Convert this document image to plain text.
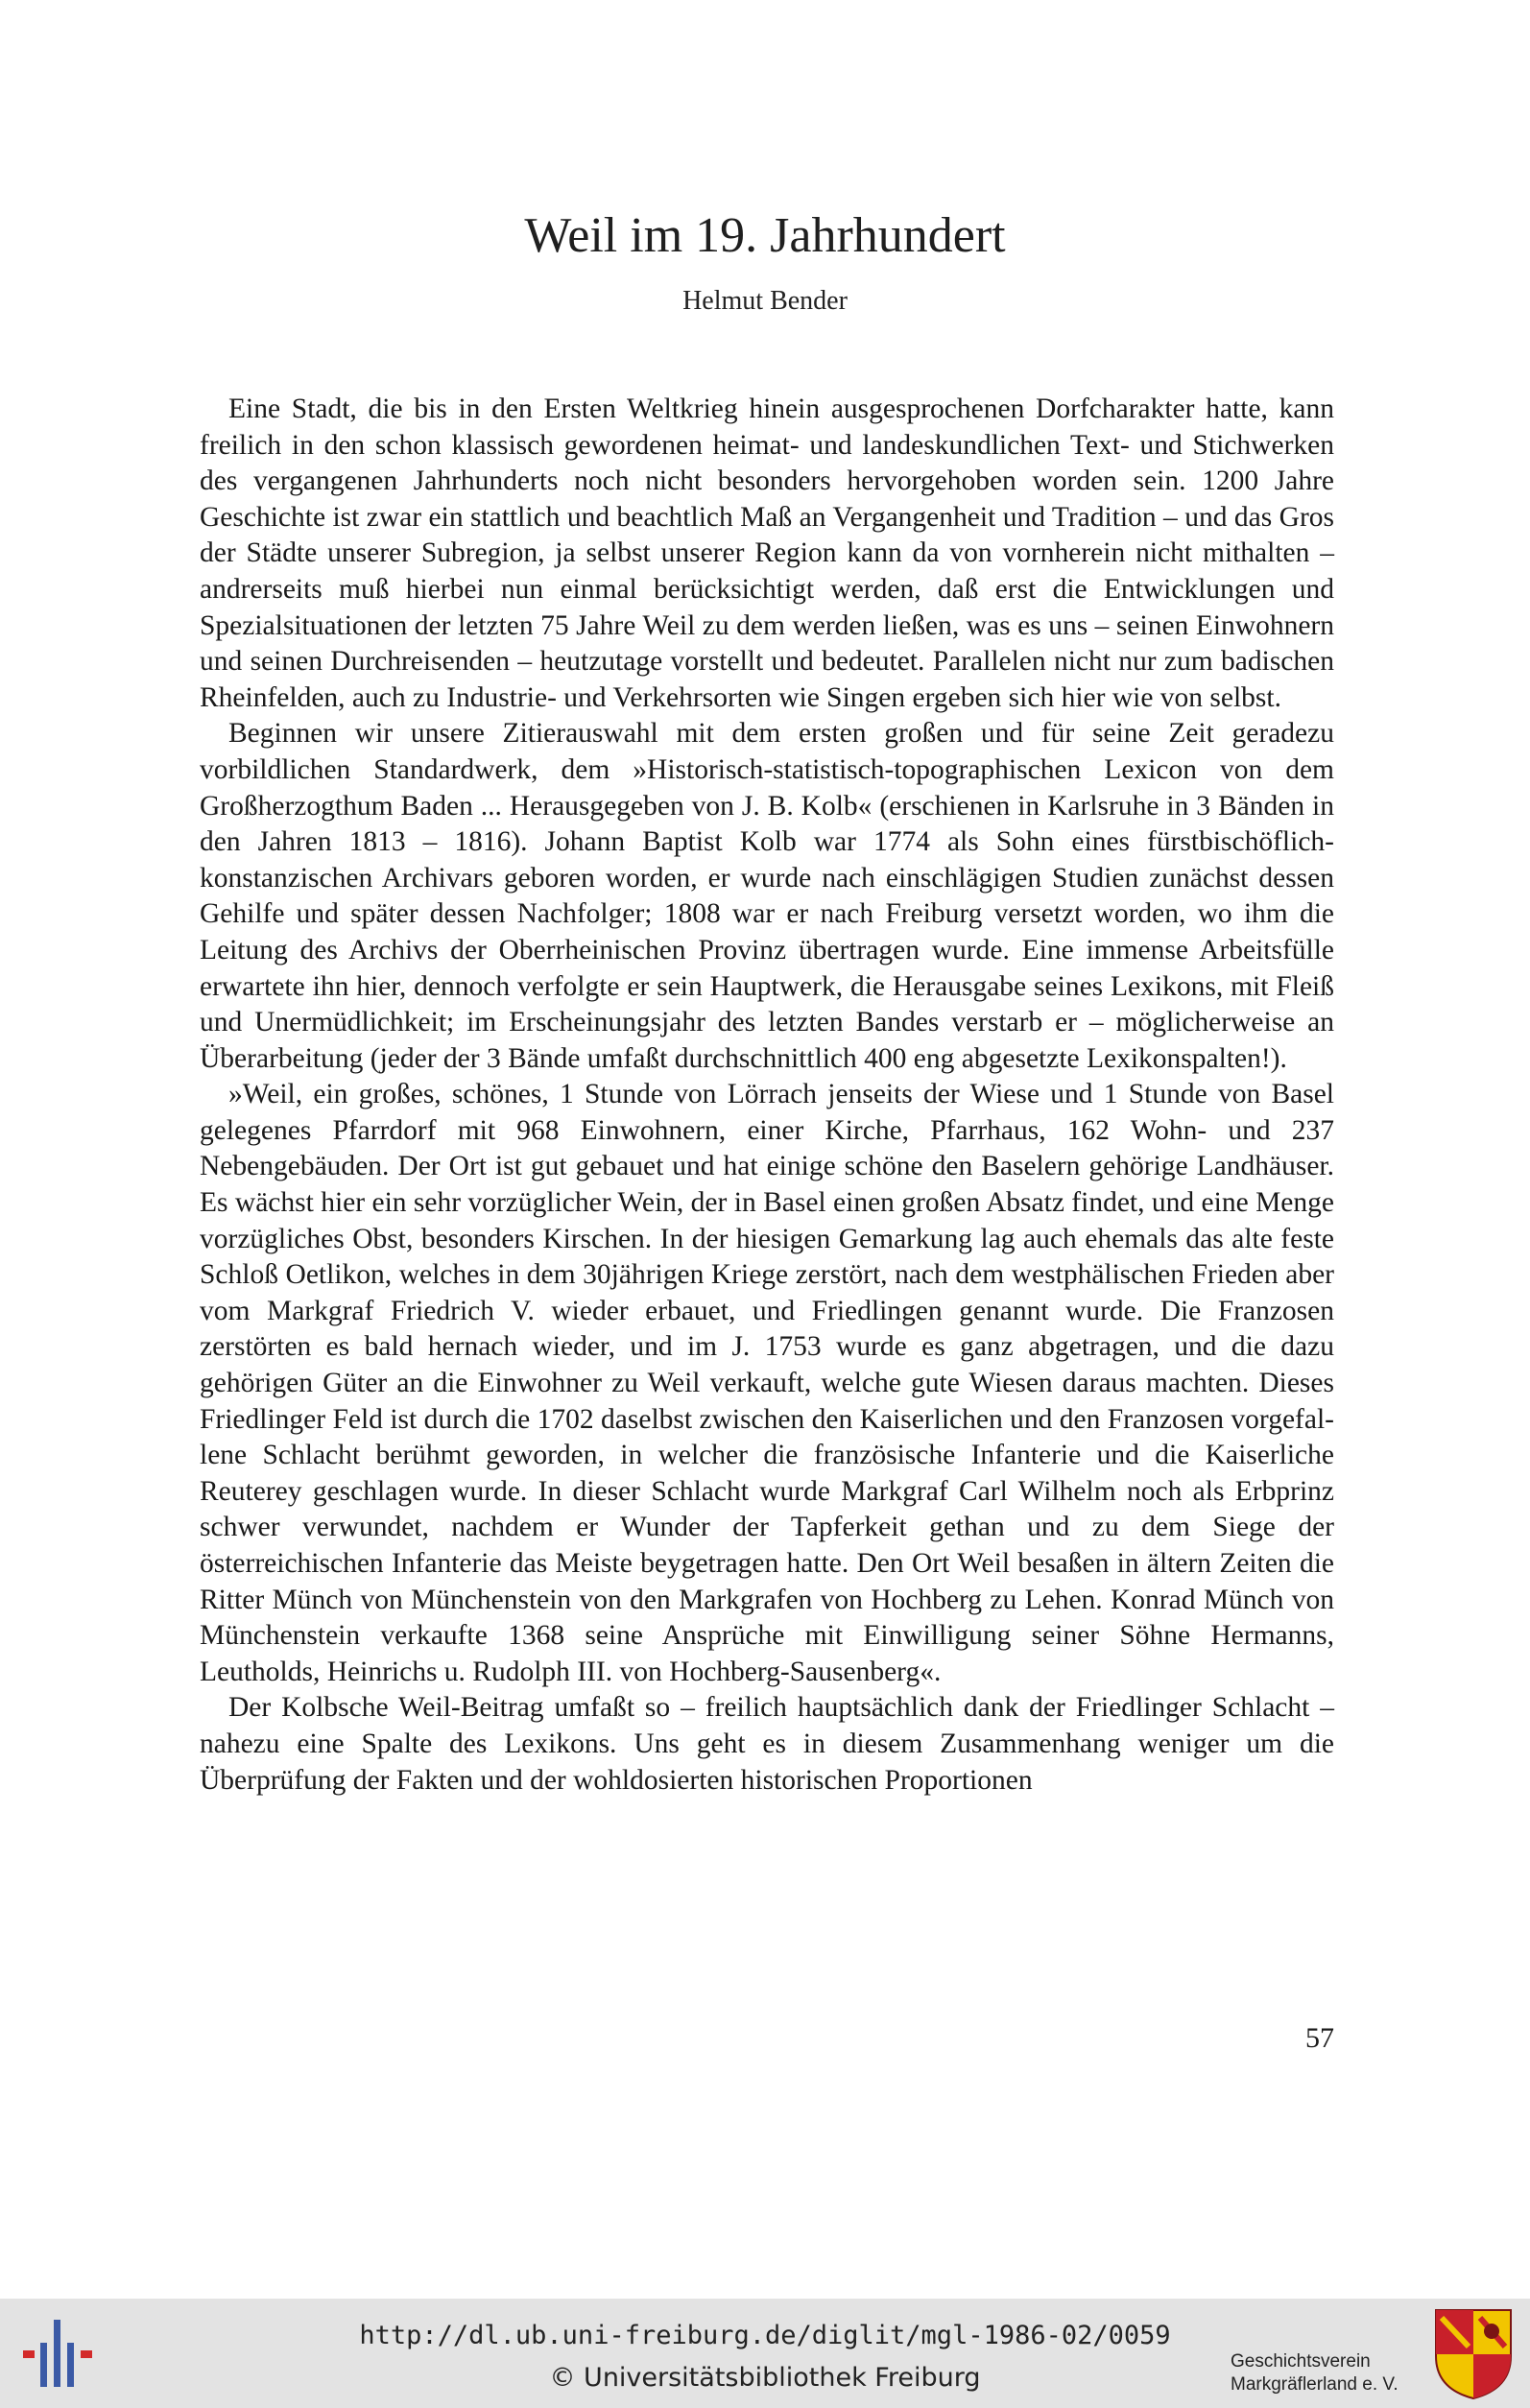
Weil im 19. Jahrhundert
Helmut Bender

Eine Stadt, die bis in den Ersten Weltkrieg hinein ausgesprochenen Dorfcharakter hatte, kann freilich in den schon klassisch gewordenen heimat- und landeskundlichen Text- und Stichwerken des vergangenen Jahrhunderts noch nicht besonders hervorgehoben worden sein. 1200 Jahre Geschichte ist zwar ein stattlich und beachtlich Maß an Vergangenheit und Tradition – und das Gros der Städte unserer Subregion, ja selbst unserer Region kann da von vornherein nicht mithalten – andrerseits muß hierbei nun einmal berücksichtigt werden, daß erst die Entwicklungen und Spezialsituationen der letzten 75 Jahre Weil zu dem werden ließen, was es uns – seinen Einwohnern und seinen Durchreisenden – heutzutage vorstellt und bedeutet. Parallelen nicht nur zum badischen Rheinfelden, auch zu Industrie- und Verkehrsorten wie Singen ergeben sich hier wie von selbst.

Beginnen wir unsere Zitierauswahl mit dem ersten großen und für seine Zeit geradezu vorbildlichen Standardwerk, dem »Historisch-statistisch-topographischen Lexicon von dem Großherzogthum Baden ... Herausgegeben von J. B. Kolb« (erschienen in Karlsruhe in 3 Bänden in den Jahren 1813 – 1816). Johann Baptist Kolb war 1774 als Sohn eines fürstbischöflich-konstanzischen Archivars geboren worden, er wurde nach einschlägigen Studien zunächst dessen Gehilfe und später dessen Nachfolger; 1808 war er nach Freiburg versetzt worden, wo ihm die Leitung des Archivs der Oberrheinischen Provinz übertragen wurde. Eine immense Arbeitsfülle erwartete ihn hier, dennoch verfolgte er sein Hauptwerk, die Herausgabe seines Lexikons, mit Fleiß und Unermüdlichkeit; im Erscheinungsjahr des letzten Bandes verstarb er – möglicherweise an Überarbeitung (jeder der 3 Bände umfaßt durchschnittlich 400 eng abgesetzte Lexikonspalten!).

»Weil, ein großes, schönes, 1 Stunde von Lörrach jenseits der Wiese und 1 Stunde von Basel gelegenes Pfarrdorf mit 968 Einwohnern, einer Kirche, Pfarrhaus, 162 Wohn- und 237 Nebengebäuden. Der Ort ist gut gebauet und hat einige schöne den Baselern gehörige Landhäuser. Es wächst hier ein sehr vorzüglicher Wein, der in Basel einen großen Absatz findet, und eine Menge vorzügliches Obst, besonders Kirschen. In der hiesigen Gemarkung lag auch ehemals das alte feste Schloß Oetlikon, welches in dem 30jährigen Kriege zerstört, nach dem westphälischen Frieden aber vom Markgraf Friedrich V. wieder erbauet, und Friedlingen genannt wurde. Die Franzosen zerstörten es bald hernach wieder, und im J. 1753 wurde es ganz abgetragen, und die dazu gehörigen Güter an die Einwohner zu Weil verkauft, welche gute Wiesen daraus machten. Dieses Friedlinger Feld ist durch die 1702 daselbst zwischen den Kaiserlichen und den Franzosen vorgefallene Schlacht berühmt geworden, in welcher die französische Infanterie und die Kaiserliche Reuterey geschlagen wurde. In dieser Schlacht wurde Markgraf Carl Wilhelm noch als Erbprinz schwer verwundet, nachdem er Wunder der Tapferkeit gethan und zu dem Siege der österreichischen Infanterie das Meiste beygetragen hatte. Den Ort Weil besaßen in ältern Zeiten die Ritter Münch von Münchenstein von den Markgrafen von Hochberg zu Lehen. Konrad Münch von Münchenstein verkaufte 1368 seine Ansprüche mit Einwilligung seiner Söhne Hermanns, Leutholds, Heinrichs u. Rudolph III. von Hochberg-Sausenberg«.

Der Kolbsche Weil-Beitrag umfaßt so – freilich hauptsächlich dank der Friedlinger Schlacht – nahezu eine Spalte des Lexikons. Uns geht es in diesem Zusammenhang weniger um die Überprüfung der Fakten und der wohldosierten historischen Proportionen

57
http://dl.ub.uni-freiburg.de/diglit/mgl-1986-02/0059
© Universitätsbibliothek Freiburg
Geschichtsverein
Markgräflerland e. V.
